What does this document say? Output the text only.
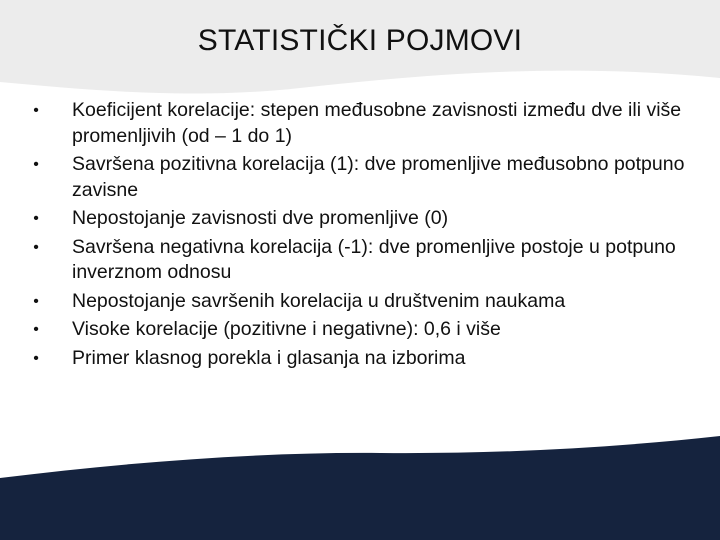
STATISTIČKI POJMOVI
• Koeficijent korelacije: stepen međusobne zavisnosti između dve ili više promenljivih (od – 1 do 1)
• Savršena pozitivna korelacija (1): dve promenljive međusobno potpuno zavisne
• Nepostojanje zavisnosti dve promenljive (0)
• Savršena negativna korelacija (-1): dve promenljive postoje u potpuno inverznom odnosu
• Nepostojanje savršenih korelacija u društvenim naukama
• Visoke korelacije (pozitivne i negativne): 0,6 i više
• Primer klasnog porekla i glasanja na izborima
